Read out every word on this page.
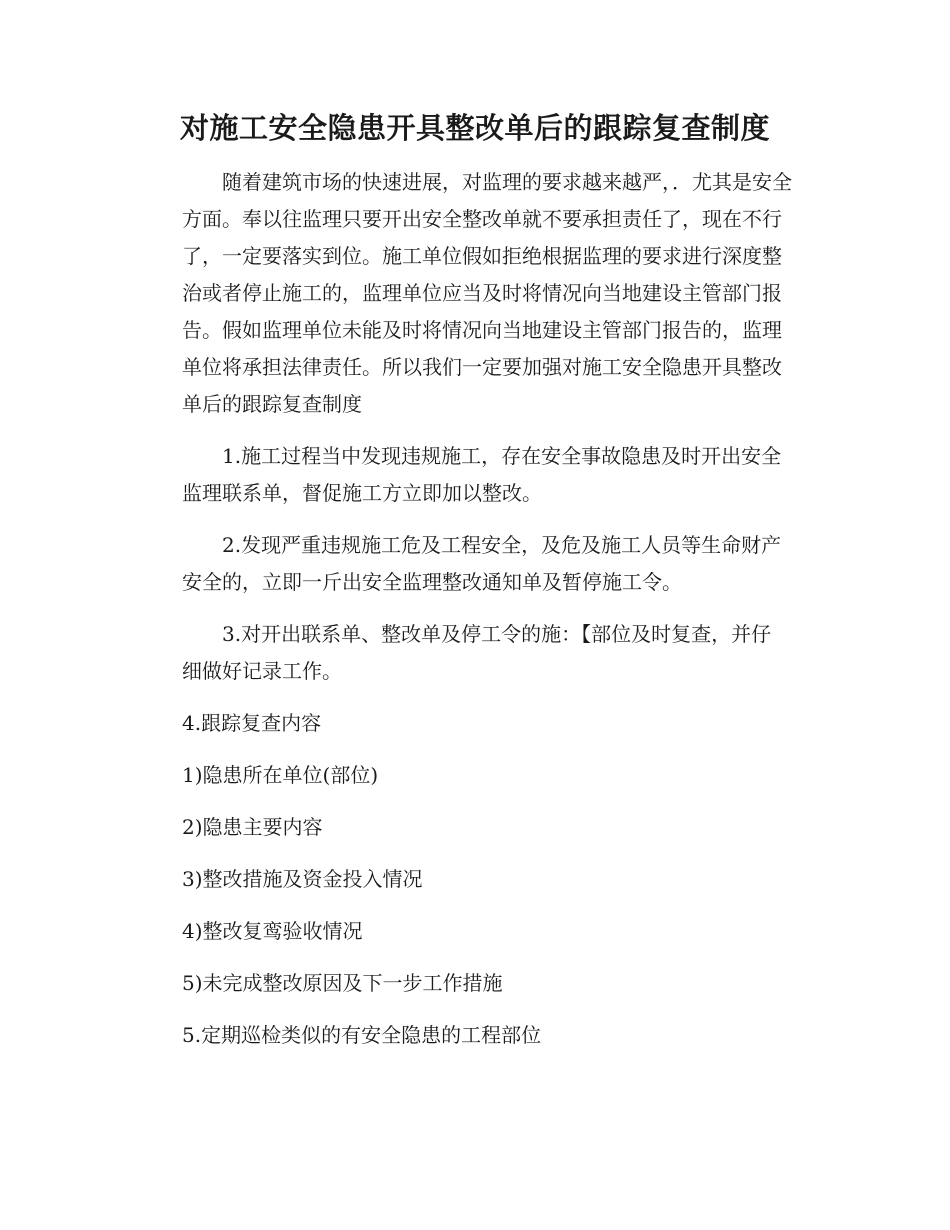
对施工安全隐患开具整改单后的跟踪复查制度
随着建筑市场的快速进展，对监理的要求越来越严，．尤其是安全
方面。奉以往监理只要开出安全整改单就不要承担责任了，现在不行
了，一定要落实到位。施工单位假如拒绝根据监理的要求进行深度整
治或者停止施工的，监理单位应当及时将情况向当地建设主管部门报
告。假如监理单位未能及时将情况向当地建设主管部门报告的，监理
单位将承担法律责任。所以我们一定要加强对施工安全隐患开具整改
单后的跟踪复查制度
1.施工过程当中发现违规施工，存在安全事故隐患及时开出安全
监理联系单，督促施工方立即加以整改。
2.发现严重违规施工危及工程安全，及危及施工人员等生命财产
安全的，立即一斤出安全监理整改通知单及暂停施工令。
3.对开出联系单、整改单及停工令的施：【部位及时复查，并仔
细做好记录工作。
4.跟踪复查内容
1)隐患所在单位(部位)
2)隐患主要内容
3)整改措施及资金投入情况
4)整改复鸾验收情况
5)未完成整改原因及下一步工作措施
5.定期巡检类似的有安全隐患的工程部位
